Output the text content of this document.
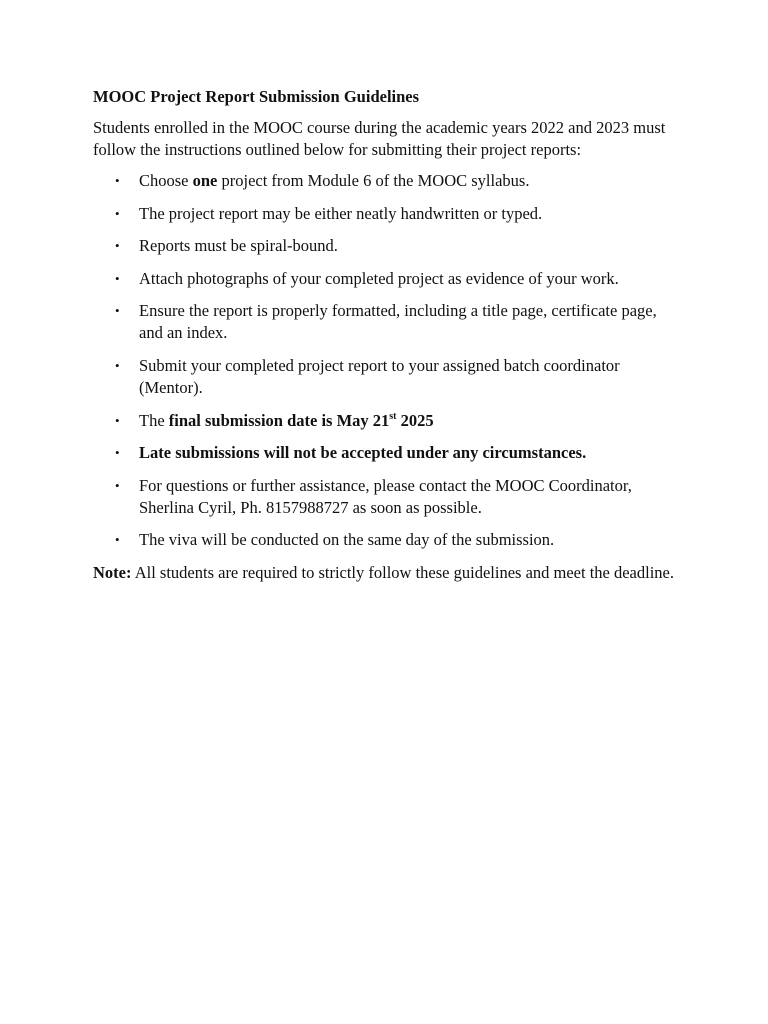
MOOC Project Report Submission Guidelines

Students enrolled in the MOOC course during the academic years 2022 and 2023 must follow the instructions outlined below for submitting their project reports:

• Choose one project from Module 6 of the MOOC syllabus.
• The project report may be either neatly handwritten or typed.
• Reports must be spiral-bound.
• Attach photographs of your completed project as evidence of your work.
• Ensure the report is properly formatted, including a title page, certificate page, and an index.
• Submit your completed project report to your assigned batch coordinator (Mentor).
• The final submission date is May 21st 2025
• Late submissions will not be accepted under any circumstances.
• For questions or further assistance, please contact the MOOC Coordinator, Sherlina Cyril, Ph. 8157988727 as soon as possible.
• The viva will be conducted on the same day of the submission.

Note: All students are required to strictly follow these guidelines and meet the deadline.
